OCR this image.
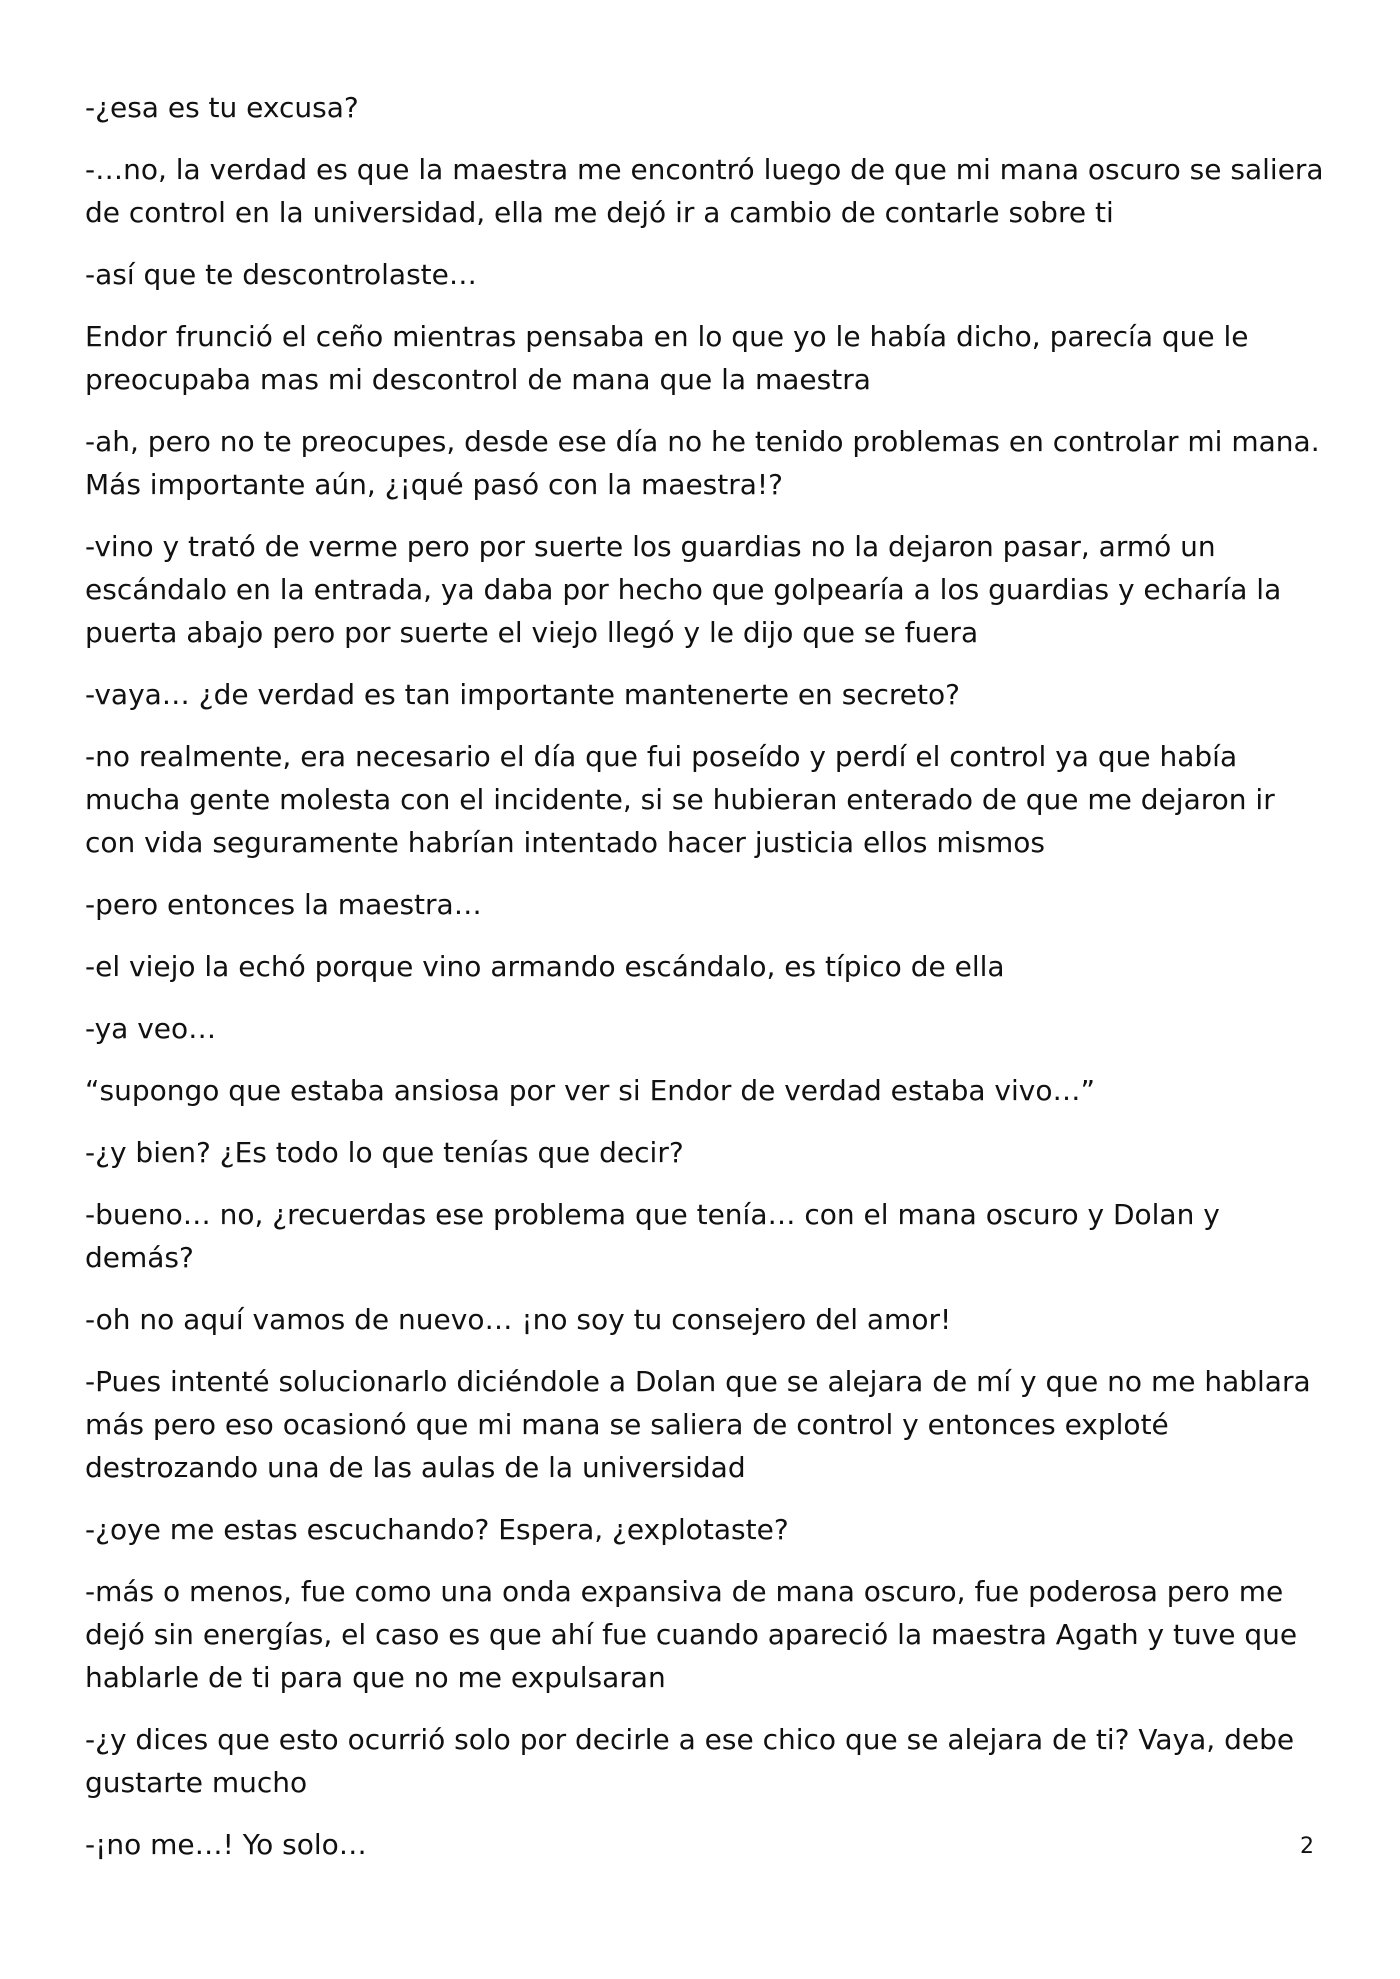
-¿esa es tu excusa?

-…no, la verdad es que la maestra me encontró luego de que mi mana oscuro se saliera de control en la universidad, ella me dejó ir a cambio de contarle sobre ti

-así que te descontrolaste…

Endor frunció el ceño mientras pensaba en lo que yo le había dicho, parecía que le preocupaba mas mi descontrol de mana que la maestra

-ah, pero no te preocupes, desde ese día no he tenido problemas en controlar mi mana. Más importante aún, ¿¡qué pasó con la maestra!?

-vino y trató de verme pero por suerte los guardias no la dejaron pasar, armó un escándalo en la entrada, ya daba por hecho que golpearía a los guardias y echaría la puerta abajo pero por suerte el viejo llegó y le dijo que se fuera

-vaya… ¿de verdad es tan importante mantenerte en secreto?

-no realmente, era necesario el día que fui poseído y perdí el control ya que había mucha gente molesta con el incidente, si se hubieran enterado de que me dejaron ir con vida seguramente habrían intentado hacer justicia ellos mismos

-pero entonces la maestra…

-el viejo la echó porque vino armando escándalo, es típico de ella

-ya veo…

“supongo que estaba ansiosa por ver si Endor de verdad estaba vivo…”

-¿y bien? ¿Es todo lo que tenías que decir?

-bueno… no, ¿recuerdas ese problema que tenía… con el mana oscuro y Dolan y demás?

-oh no aquí vamos de nuevo… ¡no soy tu consejero del amor!

-Pues intenté solucionarlo diciéndole a Dolan que se alejara de mí y que no me hablara más pero eso ocasionó que mi mana se saliera de control y entonces exploté destrozando una de las aulas de la universidad

-¿oye me estas escuchando? Espera, ¿explotaste?

-más o menos, fue como una onda expansiva de mana oscuro, fue poderosa pero me dejó sin energías, el caso es que ahí fue cuando apareció la maestra Agath y tuve que hablarle de ti para que no me expulsaran

-¿y dices que esto ocurrió solo por decirle a ese chico que se alejara de ti? Vaya, debe gustarte mucho

-¡no me…! Yo solo…	2
